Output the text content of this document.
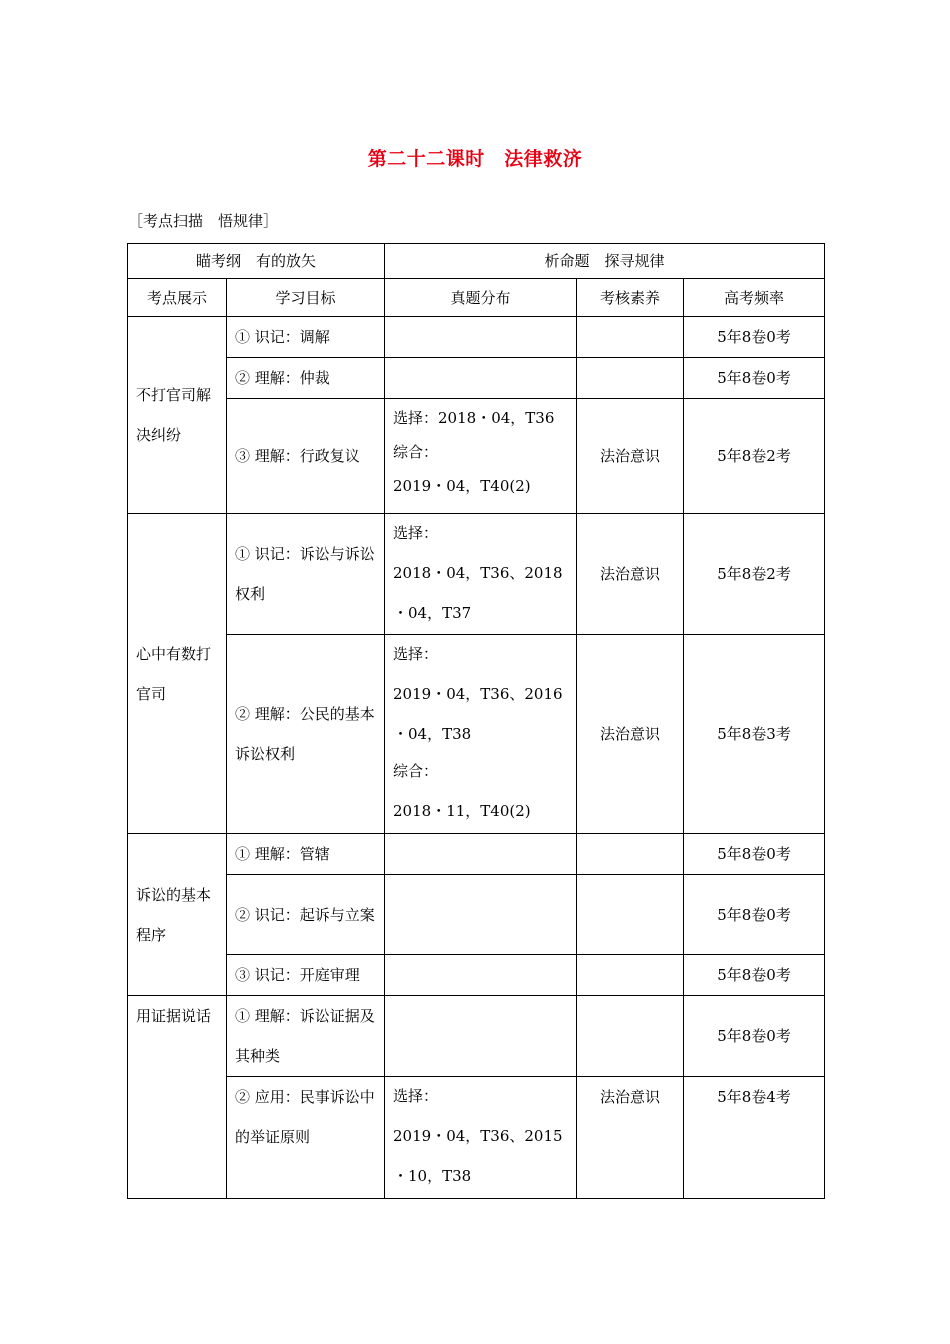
第二十二课时　法律救济
［考点扫描　悟规律］
瞄考纲　有的放矢		析命题　探寻规律		
考点展示	学习目标	真题分布	考核素养	高考频率
不打官司解决纠纷	① 识记：调解			5年8卷0考
	② 理解：仲裁			5年8卷0考
	③ 理解：行政复议	选择：2018・04，T36
综合：
2019・04，T40(2)	法治意识	5年8卷2考
心中有数打官司	① 识记：诉讼与诉讼权利	选择：
2018・04，T36、2018
・04，T37	法治意识	5年8卷2考
	② 理解：公民的基本诉讼权利	选择：
2019・04，T36、2016
・04，T38
综合：
2018・11，T40(2)	法治意识	5年8卷3考
诉讼的基本程序	① 理解：管辖			5年8卷0考
	② 识记：起诉与立案			5年8卷0考
	③ 识记：开庭审理			5年8卷0考
用证据说话	① 理解：诉讼证据及其种类			5年8卷0考
	② 应用：民事诉讼中的举证原则	选择：
2019・04，T36、2015
・10，T38	法治意识	5年8卷4考
